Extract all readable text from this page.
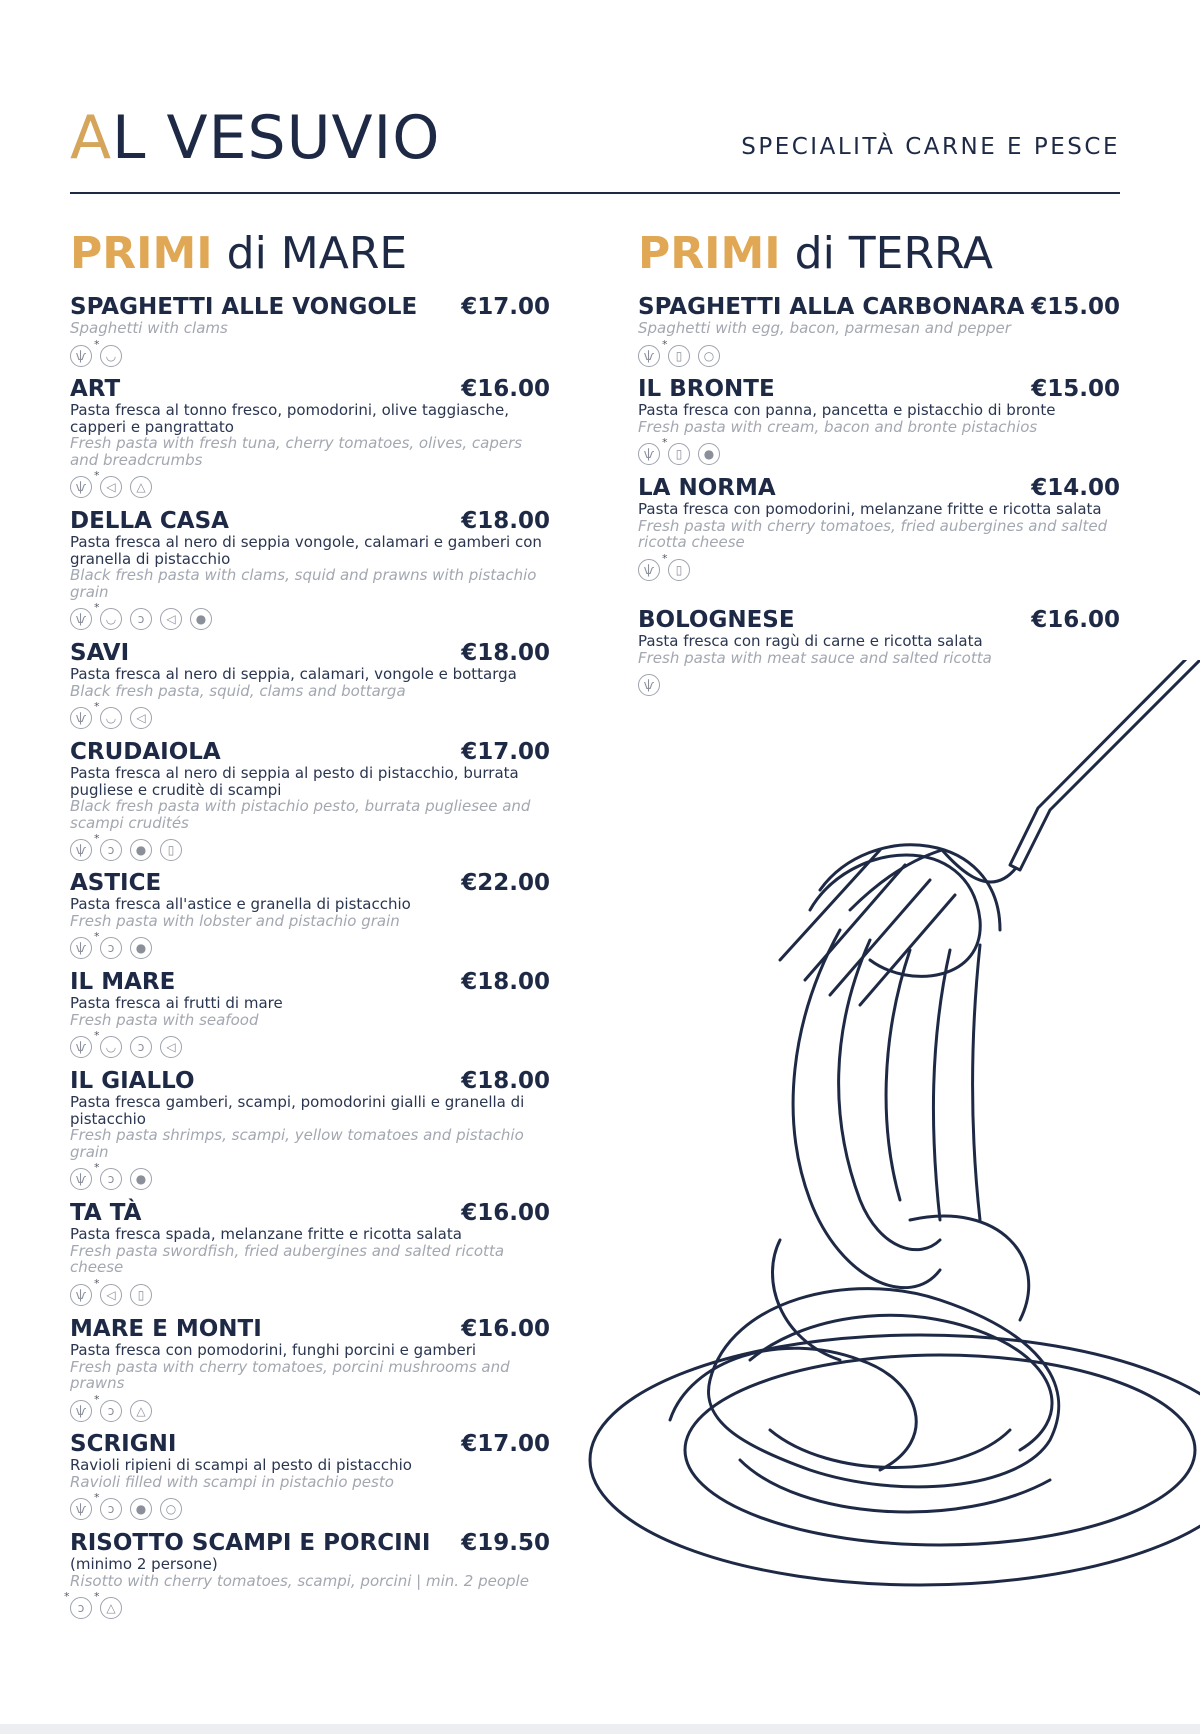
AL VESUVIO	SPECIALITÀ CARNE E PESCE
PRIMI di MARE	PRIMI di TERRA
SPAGHETTI ALLE VONGOLE €17.00
Spaghetti with clams
ѱ	* ◡
ART	€16.00
Pasta fresca al tonno fresco, pomodorini, olive taggiasche, capperi e pangrattato
Fresh pasta with fresh tuna, cherry tomatoes, olives, capers and breadcrumbs
ѱ	* ◁	△
DELLA CASA	€18.00
Pasta fresca al nero di seppia vongole, calamari e gamberi con granella di pistacchio
Black fresh pasta with clams, squid and prawns with pistachio grain
ѱ	* ◡	ↄ	◁	●
SAVI	€18.00
Pasta fresca al nero di seppia, calamari, vongole e bottarga
Black fresh pasta, squid, clams and bottarga
ѱ	* ◡	◁
CRUDAIOLA	€17.00
Pasta fresca al nero di seppia al pesto di pistacchio, burrata pugliese e cruditè di scampi
Black fresh pasta with pistachio pesto, burrata pugliesee and scampi crudités
ѱ	* ↄ	●	▯
ASTICE	€22.00
Pasta fresca all'astice e granella di pistacchio
Fresh pasta with lobster and pistachio grain
ѱ	* ↄ	●
IL MARE	€18.00
Pasta fresca ai frutti di mare
Fresh pasta with seafood
ѱ	* ◡	ↄ	◁
IL GIALLO	€18.00
Pasta fresca gamberi, scampi, pomodorini gialli e granella di pistacchio
Fresh pasta shrimps, scampi, yellow tomatoes and pistachio grain
ѱ	* ↄ	●
TA TÀ	€16.00
Pasta fresca spada, melanzane fritte e ricotta salata
Fresh pasta swordfish, fried aubergines and salted ricotta cheese
ѱ	* ◁	▯
MARE E MONTI	€16.00
Pasta fresca con pomodorini, funghi porcini e gamberi
Fresh pasta with cherry tomatoes, porcini mushrooms and prawns
ѱ	* ↄ	△
SCRIGNI	€17.00
Ravioli ripieni di scampi al pesto di pistacchio
Ravioli filled with scampi in pistachio pesto
ѱ	* ↄ	●	○
RISOTTO SCAMPI E PORCINI €19.50
(minimo 2 persone)
Risotto with cherry tomatoes, scampi, porcini | min. 2 people
* ↄ	* △
SPAGHETTI ALLA CARBONARA €15.00
Spaghetti with egg, bacon, parmesan and pepper
ѱ	* ▯	○
IL BRONTE	€15.00
Pasta fresca con panna, pancetta e pistacchio di bronte
Fresh pasta with cream, bacon and bronte pistachios
ѱ	* ▯	●
LA NORMA	€14.00
Pasta fresca con pomodorini, melanzane fritte e ricotta salata
Fresh pasta with cherry tomatoes, fried aubergines and salted ricotta cheese
ѱ	* ▯
BOLOGNESE	€16.00
Pasta fresca con ragù di carne e ricotta salata
Fresh pasta with meat sauce and salted ricotta
ѱ
